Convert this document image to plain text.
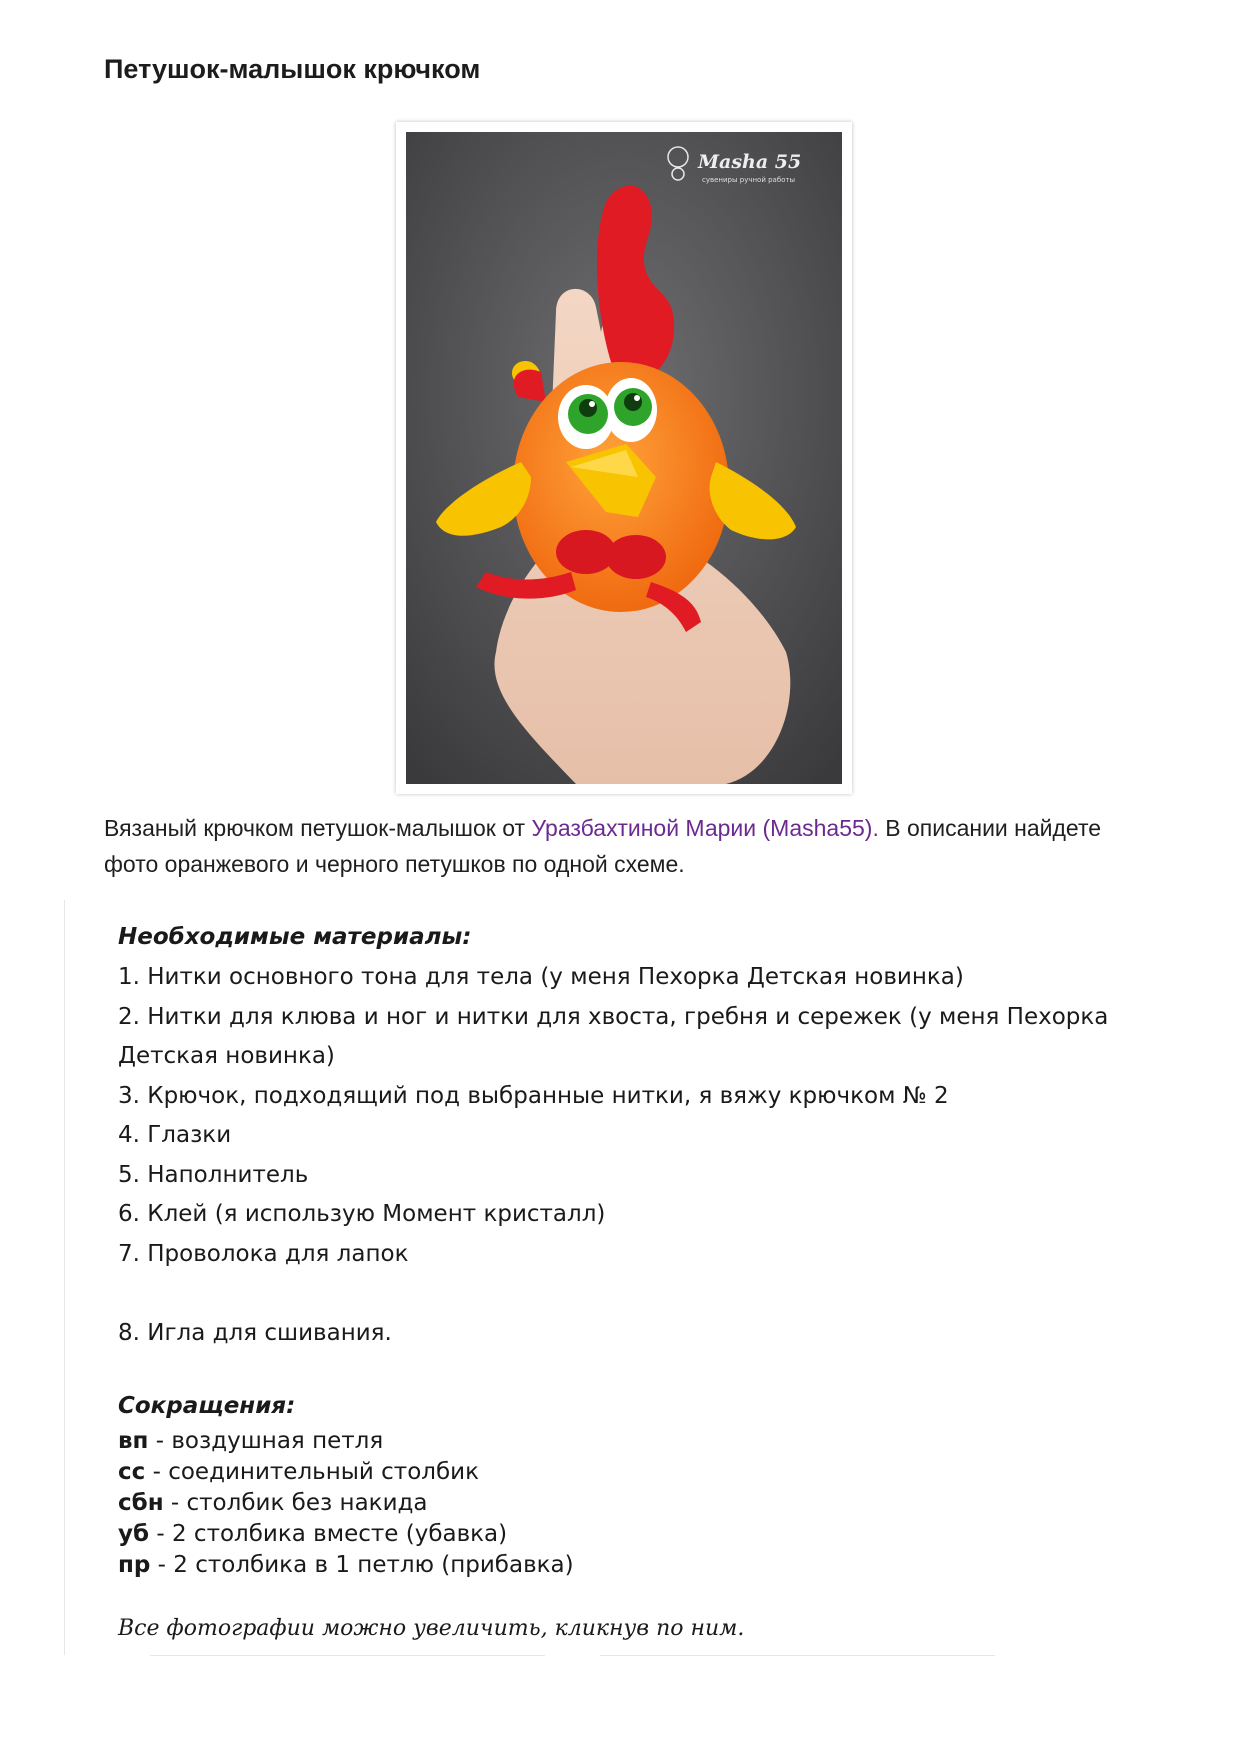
Петушок-малышок крючком
Masha 55
сувениры ручной работы

Вязаный крючком петушок-малышок от Уразбахтиной Марии (Masha55). В описании найдете фото оранжевого и черного петушков по одной схеме.

Необходимые материалы:

1. Нитки основного тона для тела (у меня Пехорка Детская новинка)
2. Нитки для клюва и ног и нитки для хвоста, гребня и сережек (у меня Пехорка Детская новинка)
3. Крючок, подходящий под выбранные нитки, я вяжу крючком № 2
4. Глазки
5. Наполнитель
6. Клей (я использую Момент кристалл)
7. Проволока для лапок
8. Игла для сшивания.

Сокращения:

вп - воздушная петля
сс - соединительный столбик
сбн - столбик без накида
уб - 2 столбика вместе (убавка)
пр - 2 столбика в 1 петлю (прибавка)
Все фотографии можно увеличить, кликнув по ним.
